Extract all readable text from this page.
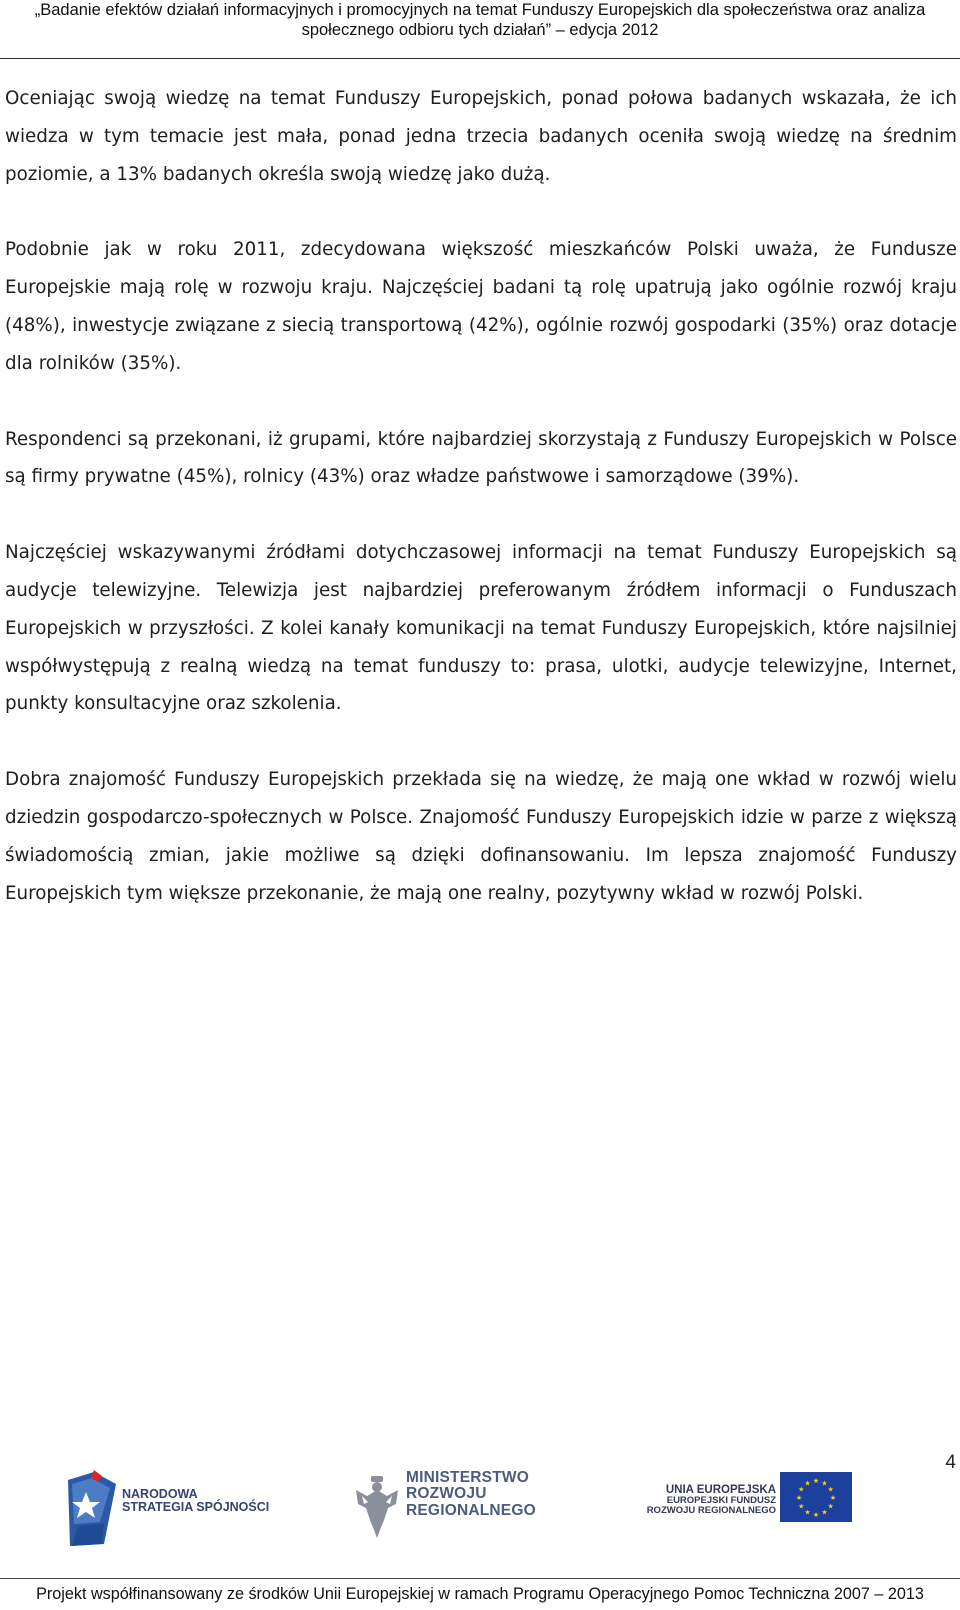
„Badanie efektów działań informacyjnych i promocyjnych na temat Funduszy Europejskich dla społeczeństwa oraz analiza
społecznego odbioru tych działań” – edycja 2012

Oceniając swoją wiedzę na temat Funduszy Europejskich, ponad połowa badanych wskazała, że ich wiedza w tym temacie jest mała, ponad jedna trzecia badanych oceniła swoją wiedzę na średnim poziomie, a 13% badanych określa swoją wiedzę jako dużą.

Podobnie jak w roku 2011, zdecydowana większość mieszkańców Polski uważa, że Fundusze Europejskie mają rolę w rozwoju kraju. Najczęściej badani tą rolę upatrują jako ogólnie rozwój kraju (48%), inwestycje związane z siecią transportową (42%), ogólnie rozwój gospodarki (35%) oraz dotacje dla rolników (35%).

Respondenci są przekonani, iż grupami, które najbardziej skorzystają z Funduszy Europejskich w Polsce są firmy prywatne (45%), rolnicy (43%) oraz władze państwowe i samorządowe (39%).

Najczęściej wskazywanymi źródłami dotychczasowej informacji na temat Funduszy Europejskich są audycje telewizyjne. Telewizja jest najbardziej preferowanym źródłem informacji o Funduszach Europejskich w przyszłości. Z kolei kanały komunikacji na temat Funduszy Europejskich, które najsilniej współwystępują z realną wiedzą na temat funduszy to: prasa, ulotki, audycje telewizyjne, Internet, punkty konsultacyjne oraz szkolenia.

Dobra znajomość Funduszy Europejskich przekłada się na wiedzę, że mają one wkład w rozwój wielu dziedzin gospodarczo-społecznych w Polsce. Znajomość Funduszy Europejskich idzie w parze z większą świadomością zmian, jakie możliwe są dzięki dofinansowaniu. Im lepsza znajomość Funduszy Europejskich tym większe przekonanie, że mają one realny, pozytywny wkład w rozwój Polski.

4
NARODOWA
STRATEGIA SPÓJNOŚCI
MINISTERSTWO
ROZWOJU
REGIONALNEGO
UNIA EUROPEJSKA
EUROPEJSKI FUNDUSZ
ROZWOJU REGIONALNEGO
★ ★
★
★
★
★
★
★
★
★
★
★
Projekt współfinansowany ze środków Unii Europejskiej w ramach Programu Operacyjnego Pomoc Techniczna 2007 – 2013
